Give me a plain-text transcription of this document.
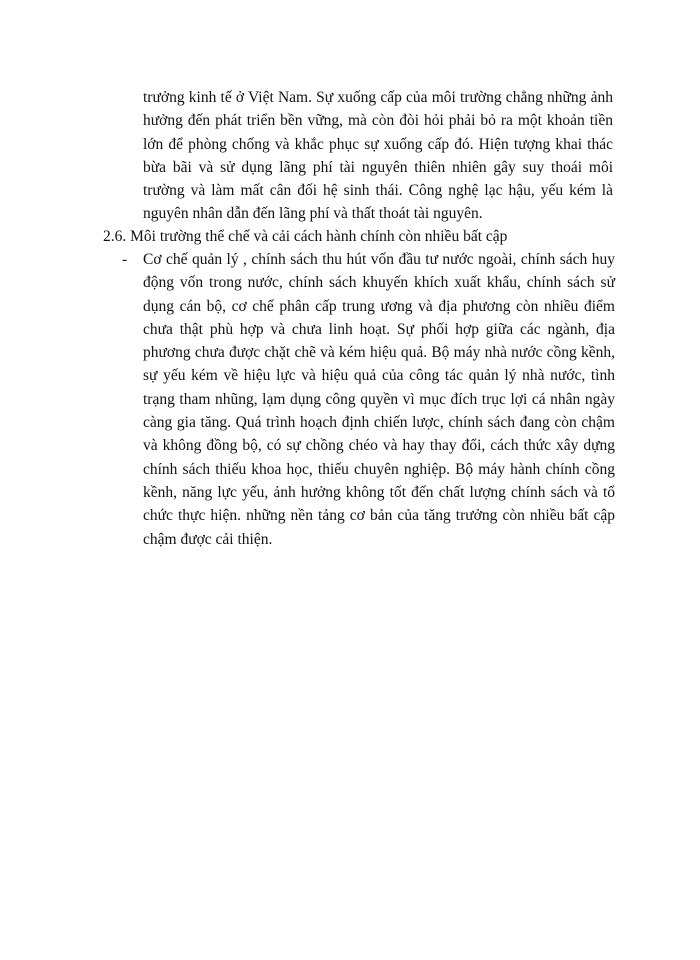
trưởng kinh tế ở Việt Nam. Sự xuống cấp của môi trường chẳng những ảnh hưởng đến phát triển bền vững, mà còn đòi hỏi phải bỏ ra một khoản tiền lớn để phòng chống và khắc phục sự xuống cấp đó. Hiện tượng khai thác bừa bãi và sử dụng lãng phí tài nguyên thiên nhiên gây suy thoái môi trường và làm mất cân đối hệ sinh thái. Công nghệ lạc hậu, yếu kém là nguyên nhân dẫn đến lãng phí và thất thoát tài nguyên.

2.6. Môi trường thể chế và cải cách hành chính còn nhiều bất cập

- Cơ chế quản lý , chính sách thu hút vốn đầu tư nước ngoài, chính sách huy động vốn trong nước, chính sách khuyến khích xuất khẩu, chính sách sử dụng cán bộ, cơ chế phân cấp trung ương và địa phương còn nhiều điểm chưa thật phù hợp và chưa linh hoạt. Sự phối hợp giữa các ngành, địa phương chưa được chặt chẽ và kém hiệu quả. Bộ máy nhà nước cồng kềnh, sự yếu kém về hiệu lực và hiệu quả của công tác quản lý nhà nước, tình trạng tham nhũng, lạm dụng công quyền vì mục đích trục lợi cá nhân ngày càng gia tăng. Quá trình hoạch định chiến lược, chính sách đang còn chậm và không đồng bộ, có sự chồng chéo và hay thay đổi, cách thức xây dựng chính sách thiếu khoa học, thiếu chuyên nghiệp. Bộ máy hành chính cồng kềnh, năng lực yếu, ảnh hưởng không tốt đến chất lượng chính sách và tổ chức thực hiện. những nền tảng cơ bản của tăng trưởng còn nhiều bất cập chậm được cải thiện.
